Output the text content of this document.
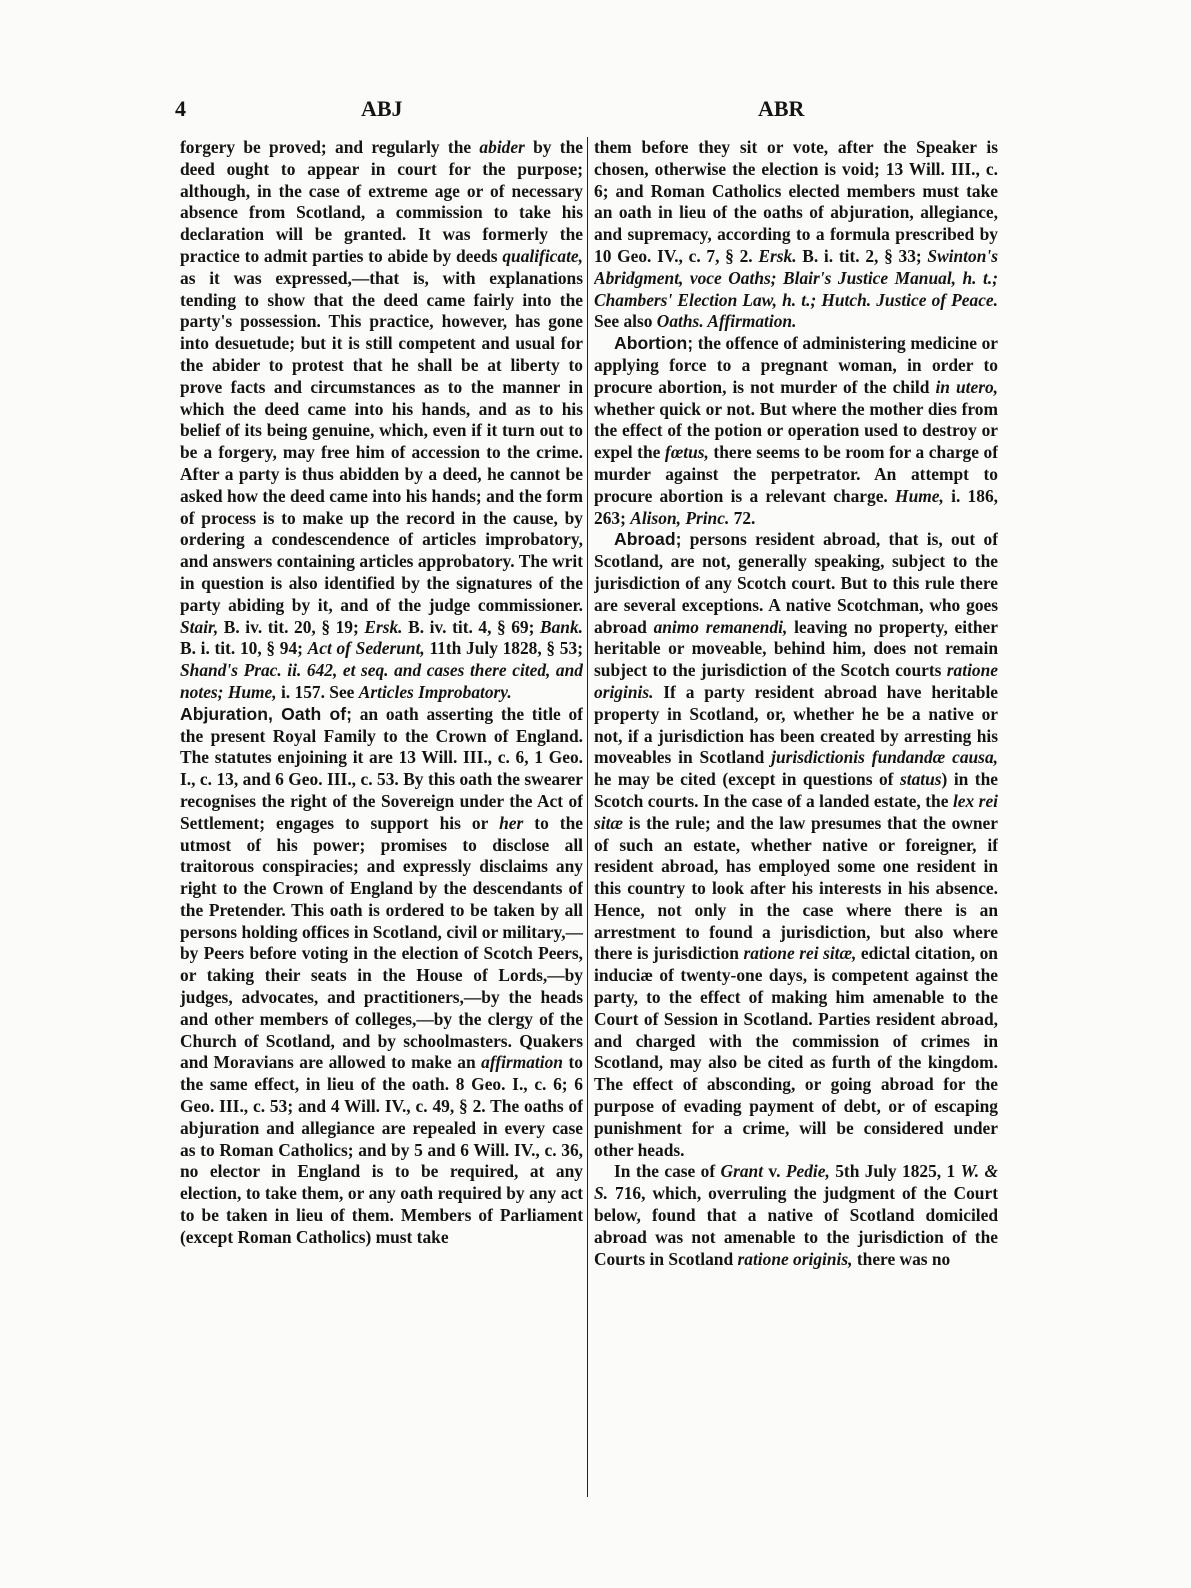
4	ABJ	ABR

forgery be proved; and regularly the abider by the deed ought to appear in court for the purpose; although, in the case of extreme age or of necessary absence from Scotland, a commission to take his declaration will be granted. It was formerly the practice to admit parties to abide by deeds qualificate, as it was expressed,—that is, with explanations tending to show that the deed came fairly into the party's possession. This practice, however, has gone into desuetude; but it is still competent and usual for the abider to protest that he shall be at liberty to prove facts and circumstances as to the manner in which the deed came into his hands, and as to his belief of its being genuine, which, even if it turn out to be a forgery, may free him of accession to the crime. After a party is thus abidden by a deed, he cannot be asked how the deed came into his hands; and the form of process is to make up the record in the cause, by ordering a condescendence of articles improbatory, and answers containing articles approbatory. The writ in question is also identified by the signatures of the party abiding by it, and of the judge commissioner. Stair, B. iv. tit. 20, § 19; Ersk. B. iv. tit. 4, § 69; Bank. B. i. tit. 10, § 94; Act of Sederunt, 11th July 1828, § 53; Shand's Prac. ii. 642, et seq. and cases there cited, and notes; Hume, i. 157. See Articles Improbatory.

Abjuration, Oath of; an oath asserting the title of the present Royal Family to the Crown of England. The statutes enjoining it are 13 Will. III., c. 6, 1 Geo. I., c. 13, and 6 Geo. III., c. 53. By this oath the swearer recognises the right of the Sovereign under the Act of Settlement; engages to support his or her to the utmost of his power; promises to disclose all traitorous conspiracies; and expressly disclaims any right to the Crown of England by the descendants of the Pretender. This oath is ordered to be taken by all persons holding offices in Scotland, civil or military,—by Peers before voting in the election of Scotch Peers, or taking their seats in the House of Lords,—by judges, advocates, and practitioners,—by the heads and other members of colleges,—by the clergy of the Church of Scotland, and by schoolmasters. Quakers and Moravians are allowed to make an affirmation to the same effect, in lieu of the oath. 8 Geo. I., c. 6; 6 Geo. III., c. 53; and 4 Will. IV., c. 49, § 2. The oaths of abjuration and allegiance are repealed in every case as to Roman Catholics; and by 5 and 6 Will. IV., c. 36, no elector in England is to be required, at any election, to take them, or any oath required by any act to be taken in lieu of them. Members of Parliament (except Roman Catholics) must take

them before they sit or vote, after the Speaker is chosen, otherwise the election is void; 13 Will. III., c. 6; and Roman Catholics elected members must take an oath in lieu of the oaths of abjuration, allegiance, and supremacy, according to a formula prescribed by 10 Geo. IV., c. 7, § 2. Ersk. B. i. tit. 2, § 33; Swinton's Abridgment, voce Oaths; Blair's Justice Manual, h. t.; Chambers' Election Law, h. t.; Hutch. Justice of Peace. See also Oaths. Affirmation.

Abortion; the offence of administering medicine or applying force to a pregnant woman, in order to procure abortion, is not murder of the child in utero, whether quick or not. But where the mother dies from the effect of the potion or operation used to destroy or expel the fœtus, there seems to be room for a charge of murder against the perpetrator. An attempt to procure abortion is a relevant charge. Hume, i. 186, 263; Alison, Princ. 72.

Abroad; persons resident abroad, that is, out of Scotland, are not, generally speaking, subject to the jurisdiction of any Scotch court. But to this rule there are several exceptions. A native Scotchman, who goes abroad animo remanendi, leaving no property, either heritable or moveable, behind him, does not remain subject to the jurisdiction of the Scotch courts ratione originis. If a party resident abroad have heritable property in Scotland, or, whether he be a native or not, if a jurisdiction has been created by arresting his moveables in Scotland jurisdictionis fundandæ causa, he may be cited (except in questions of status) in the Scotch courts. In the case of a landed estate, the lex rei sitæ is the rule; and the law presumes that the owner of such an estate, whether native or foreigner, if resident abroad, has employed some one resident in this country to look after his interests in his absence. Hence, not only in the case where there is an arrestment to found a jurisdiction, but also where there is jurisdiction ratione rei sitæ, edictal citation, on induciæ of twenty-one days, is competent against the party, to the effect of making him amenable to the Court of Session in Scotland. Parties resident abroad, and charged with the commission of crimes in Scotland, may also be cited as furth of the kingdom. The effect of absconding, or going abroad for the purpose of evading payment of debt, or of escaping punishment for a crime, will be considered under other heads.

In the case of Grant v. Pedie, 5th July 1825, 1 W. & S. 716, which, overruling the judgment of the Court below, found that a native of Scotland domiciled abroad was not amenable to the jurisdiction of the Courts in Scotland ratione originis, there was no
